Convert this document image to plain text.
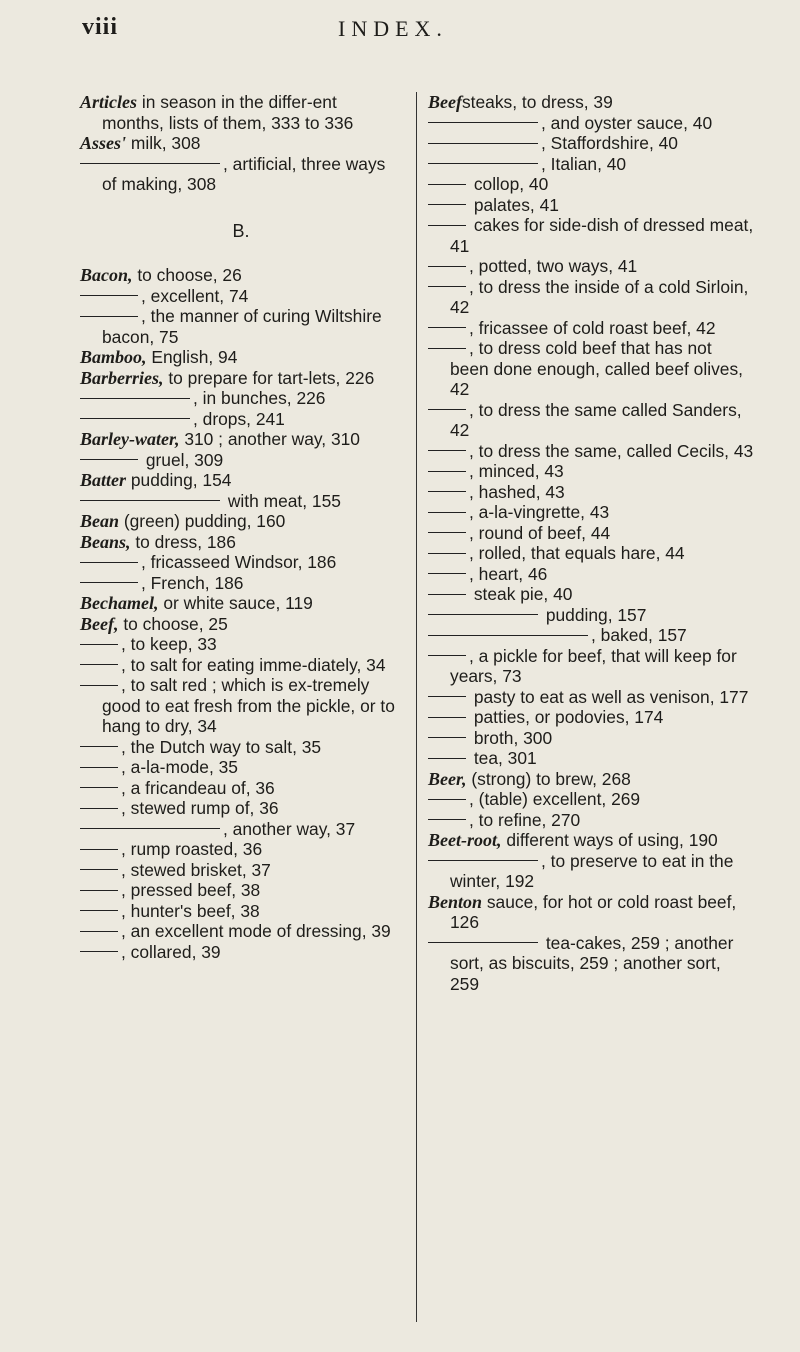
viii	INDEX.

Articles in season in the differ-ent months, lists of them, 333 to 336

Asses' milk, 308

, artificial, three ways of making, 308

B.

Bacon, to choose, 26

, excellent, 74

, the manner of curing Wiltshire bacon, 75

Bamboo, English, 94

Barberries, to prepare for tart-lets, 226

, in bunches, 226

, drops, 241

Barley-water, 310 ; another way, 310

gruel, 309

Batter pudding, 154

with meat, 155

Bean (green) pudding, 160

Beans, to dress, 186

, fricasseed Windsor, 186

, French, 186

Bechamel, or white sauce, 119

Beef, to choose, 25

, to keep, 33

, to salt for eating imme-diately, 34

, to salt red ; which is ex-tremely good to eat fresh from the pickle, or to hang to dry, 34

, the Dutch way to salt, 35

, a-la-mode, 35

, a fricandeau of, 36

, stewed rump of, 36

, another way, 37

, rump roasted, 36

, stewed brisket, 37

, pressed beef, 38

, hunter's beef, 38

, an excellent mode of dressing, 39

, collared, 39

Beefsteaks, to dress, 39

, and oyster sauce, 40

, Staffordshire, 40

, Italian, 40

collop, 40

palates, 41

cakes for side-dish of dressed meat, 41

, potted, two ways, 41

, to dress the inside of a cold Sirloin, 42

, fricassee of cold roast beef, 42

, to dress cold beef that has not been done enough, called beef olives, 42

, to dress the same called Sanders, 42

, to dress the same, called Cecils, 43

, minced, 43

, hashed, 43

, a-la-vingrette, 43

, round of beef, 44

, rolled, that equals hare, 44

, heart, 46

steak pie, 40

pudding, 157

, baked, 157

, a pickle for beef, that will keep for years, 73

pasty to eat as well as venison, 177

patties, or podovies, 174

broth, 300

tea, 301

Beer, (strong) to brew, 268

, (table) excellent, 269

, to refine, 270

Beet-root, different ways of using, 190

, to preserve to eat in the winter, 192

Benton sauce, for hot or cold roast beef, 126

tea-cakes, 259 ; another sort, as biscuits, 259 ; another sort, 259
